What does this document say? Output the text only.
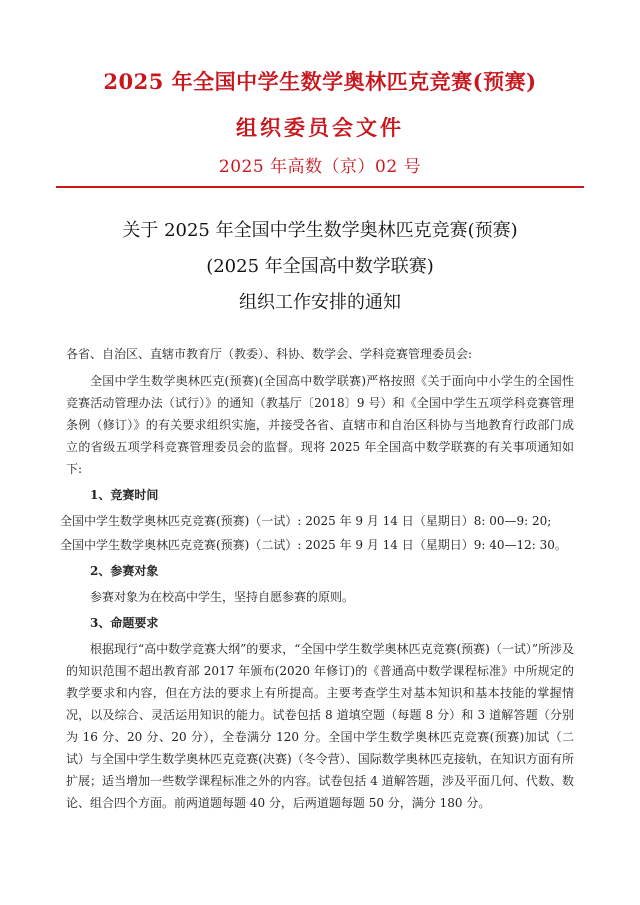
2025 年全国中学生数学奥林匹克竞赛(预赛)
组织委员会文件
2025 年高数（京）02 号
关于 2025 年全国中学生数学奥林匹克竞赛(预赛)
(2025 年全国高中数学联赛)
组织工作安排的通知

各省、自治区、直辖市教育厅（教委）、科协、数学会、学科竞赛管理委员会:

全国中学生数学奥林匹克(预赛)(全国高中数学联赛)严格按照《关于面向中小学生的全国性竞赛活动管理办法（试行）》的通知（教基厅〔2018〕9 号）和《全国中学生五项学科竞赛管理条例（修订）》的有关要求组织实施，并接受各省、直辖市和自治区科协与当地教育行政部门成立的省级五项学科竞赛管理委员会的监督。现将 2025 年全国高中数学联赛的有关事项通知如下:

1、竞赛时间

全国中学生数学奥林匹克竞赛(预赛)（一试）: 2025 年 9 月 14 日（星期日）8: 00—9: 20;

全国中学生数学奥林匹克竞赛(预赛)（二试）: 2025 年 9 月 14 日（星期日）9: 40—12: 30。

2、参赛对象

参赛对象为在校高中学生，坚持自愿参赛的原则。

3、命题要求

根据现行“高中数学竞赛大纲”的要求，“全国中学生数学奥林匹克竞赛(预赛)（一试）”所涉及的知识范围不超出教育部 2017 年颁布(2020 年修订)的《普通高中数学课程标准》中所规定的教学要求和内容，但在方法的要求上有所提高。主要考查学生对基本知识和基本技能的掌握情况，以及综合、灵活运用知识的能力。试卷包括 8 道填空题（每题 8 分）和 3 道解答题（分别为 16 分、20 分、20 分），全卷满分 120 分。全国中学生数学奥林匹克竞赛(预赛)加试（二试）与全国中学生数学奥林匹克竞赛(决赛)（冬令营）、国际数学奥林匹克接轨，在知识方面有所扩展；适当增加一些数学课程标准之外的内容。试卷包括 4 道解答题，涉及平面几何、代数、数论、组合四个方面。前两道题每题 40 分，后两道题每题 50 分，满分 180 分。
